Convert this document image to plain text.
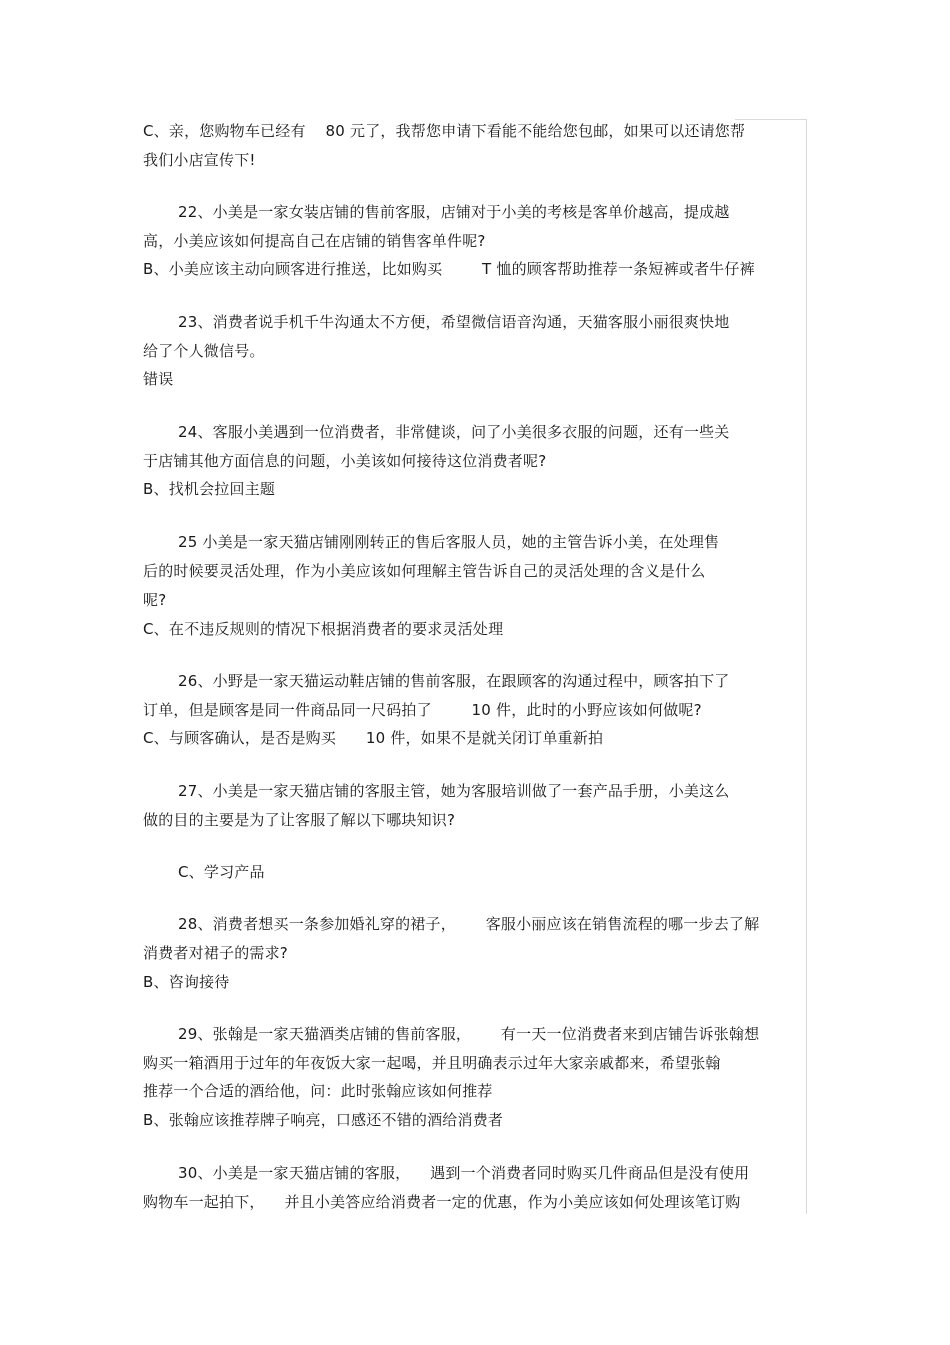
C、亲，您购物车已经有    80 元了，我帮您申请下看能不能给您包邮，如果可以还请您帮
我们小店宣传下!
22、小美是一家女装店铺的售前客服，店铺对于小美的考核是客单价越高，提成越
高，小美应该如何提高自己在店铺的销售客单件呢?
B、小美应该主动向顾客进行推送，比如购买        T 恤的顾客帮助推荐一条短裤或者牛仔裤
23、消费者说手机千牛沟通太不方便，希望微信语音沟通，天猫客服小丽很爽快地
给了个人微信号。
错误
24、客服小美遇到一位消费者，非常健谈，问了小美很多衣服的问题，还有一些关
于店铺其他方面信息的问题，小美该如何接待这位消费者呢?
B、找机会拉回主题
25 小美是一家天猫店铺刚刚转正的售后客服人员，她的主管告诉小美，在处理售
后的时候要灵活处理，作为小美应该如何理解主管告诉自己的灵活处理的含义是什么
呢?
C、在不违反规则的情况下根据消费者的要求灵活处理
26、小野是一家天猫运动鞋店铺的售前客服，在跟顾客的沟通过程中，顾客拍下了
订单，但是顾客是同一件商品同一尺码拍了        10 件，此时的小野应该如何做呢?
C、与顾客确认，是否是购买      10 件，如果不是就关闭订单重新拍
27、小美是一家天猫店铺的客服主管，她为客服培训做了一套产品手册，小美这么
做的目的主要是为了让客服了解以下哪块知识?
C、学习产品
28、消费者想买一条参加婚礼穿的裙子，      客服小丽应该在销售流程的哪一步去了解
消费者对裙子的需求?
B、咨询接待
29、张翰是一家天猫酒类店铺的售前客服，      有一天一位消费者来到店铺告诉张翰想
购买一箱酒用于过年的年夜饭大家一起喝，并且明确表示过年大家亲戚都来，希望张翰
推荐一个合适的酒给他，问：此时张翰应该如何推荐
B、张翰应该推荐牌子响亮，口感还不错的酒给消费者
30、小美是一家天猫店铺的客服，    遇到一个消费者同时购买几件商品但是没有使用
购物车一起拍下，    并且小美答应给消费者一定的优惠，作为小美应该如何处理该笔订购
